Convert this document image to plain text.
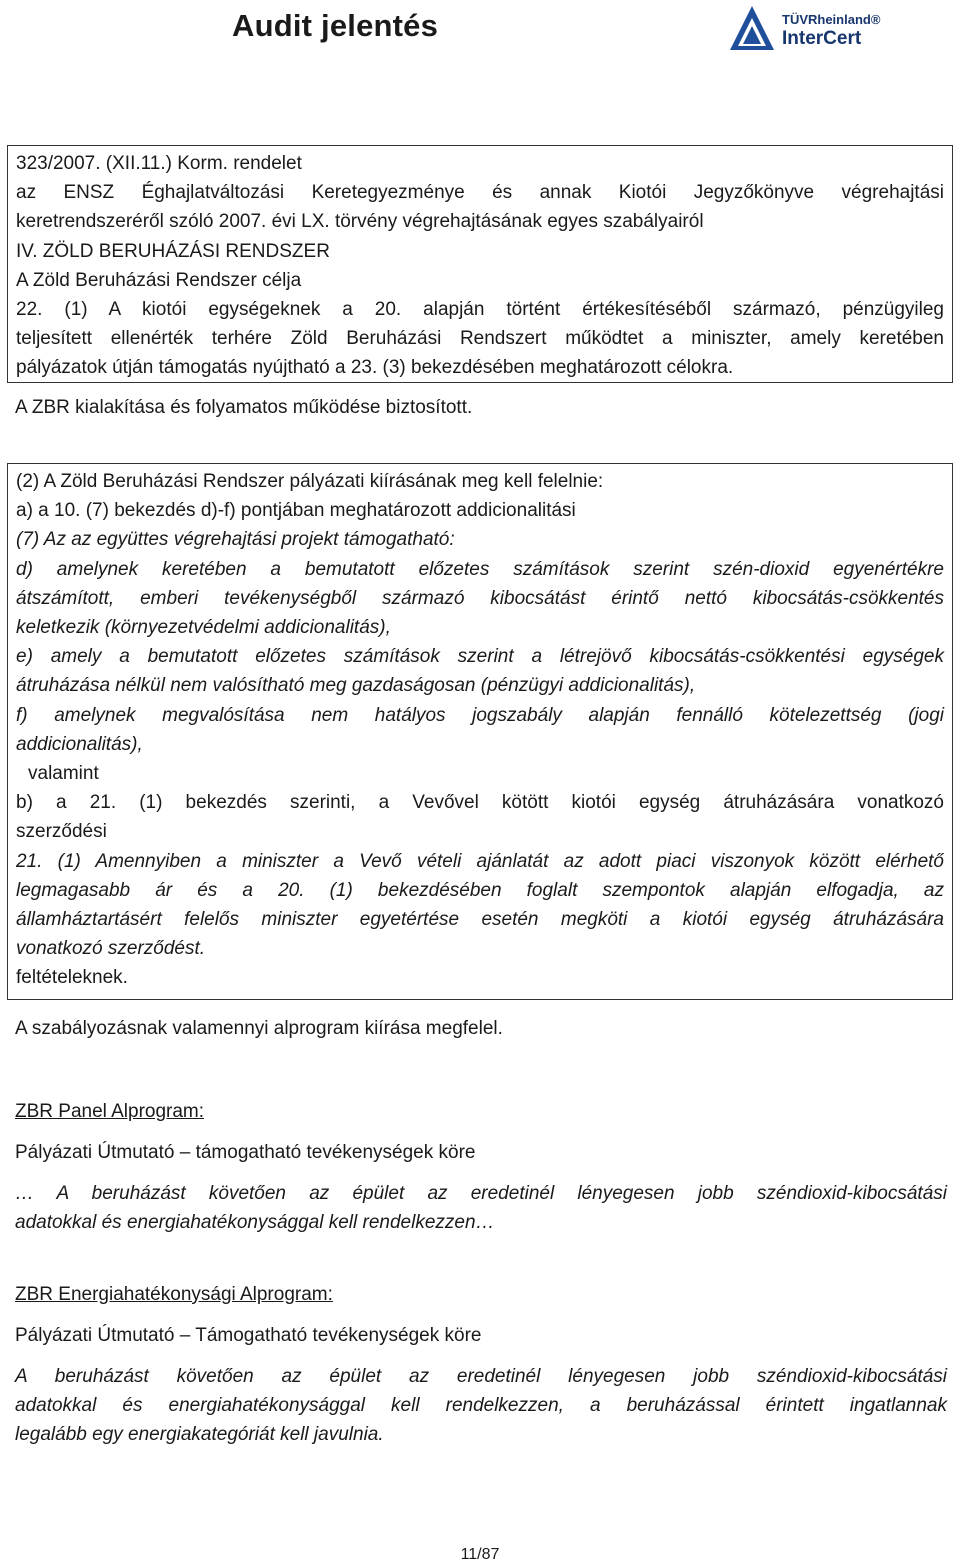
Audit jelentés	TÜVRheinland®
InterCert

323/2007. (XII.11.) Korm. rendelet

az ENSZ Éghajlatváltozási Keretegyezménye és annak Kiotói Jegyzőkönyve végrehajtási

keretrendszeréről szóló 2007. évi LX. törvény végrehajtásának egyes szabályairól

IV. ZÖLD BERUHÁZÁSI RENDSZER

A Zöld Beruházási Rendszer célja

22. (1) A kiotói egységeknek a 20. alapján történt értékesítéséből származó, pénzügyileg

teljesített ellenérték terhére Zöld Beruházási Rendszert működtet a miniszter, amely keretében

pályázatok útján támogatás nyújtható a 23. (3) bekezdésében meghatározott célokra.

A ZBR kialakítása és folyamatos működése biztosított.

(2) A Zöld Beruházási Rendszer pályázati kiírásának meg kell felelnie:

a) a 10. (7) bekezdés d)-f) pontjában meghatározott addicionalitási

(7) Az az együttes végrehajtási projekt támogatható:

d) amelynek keretében a bemutatott előzetes számítások szerint szén-dioxid egyenértékre

átszámított, emberi tevékenységből származó kibocsátást érintő nettó kibocsátás-csökkentés

keletkezik (környezetvédelmi addicionalitás),

e) amely a bemutatott előzetes számítások szerint a létrejövő kibocsátás-csökkentési egységek

átruházása nélkül nem valósítható meg gazdaságosan (pénzügyi addicionalitás),

f) amelynek megvalósítása nem hatályos jogszabály alapján fennálló kötelezettség (jogi

addicionalitás),

valamint

b) a 21. (1) bekezdés szerinti, a Vevővel kötött kiotói egység átruházására vonatkozó

szerződési

21. (1) Amennyiben a miniszter a Vevő vételi ajánlatát az adott piaci viszonyok között elérhető

legmagasabb ár és a 20. (1) bekezdésében foglalt szempontok alapján elfogadja, az

államháztartásért felelős miniszter egyetértése esetén megköti a kiotói egység átruházására

vonatkozó szerződést.

feltételeknek.

A szabályozásnak valamennyi alprogram kiírása megfelel.

ZBR Panel Alprogram:

Pályázati Útmutató – támogatható tevékenységek köre

… A beruházást követően az épület az eredetinél lényegesen jobb széndioxid-kibocsátási

adatokkal és energiahatékonysággal kell rendelkezzen…

ZBR Energiahatékonysági Alprogram:

Pályázati Útmutató – Támogatható tevékenységek köre

A beruházást követően az épület az eredetinél lényegesen jobb széndioxid-kibocsátási

adatokkal és energiahatékonysággal kell rendelkezzen, a beruházással érintett ingatlannak

legalább egy energiakategóriát kell javulnia.

11/87
